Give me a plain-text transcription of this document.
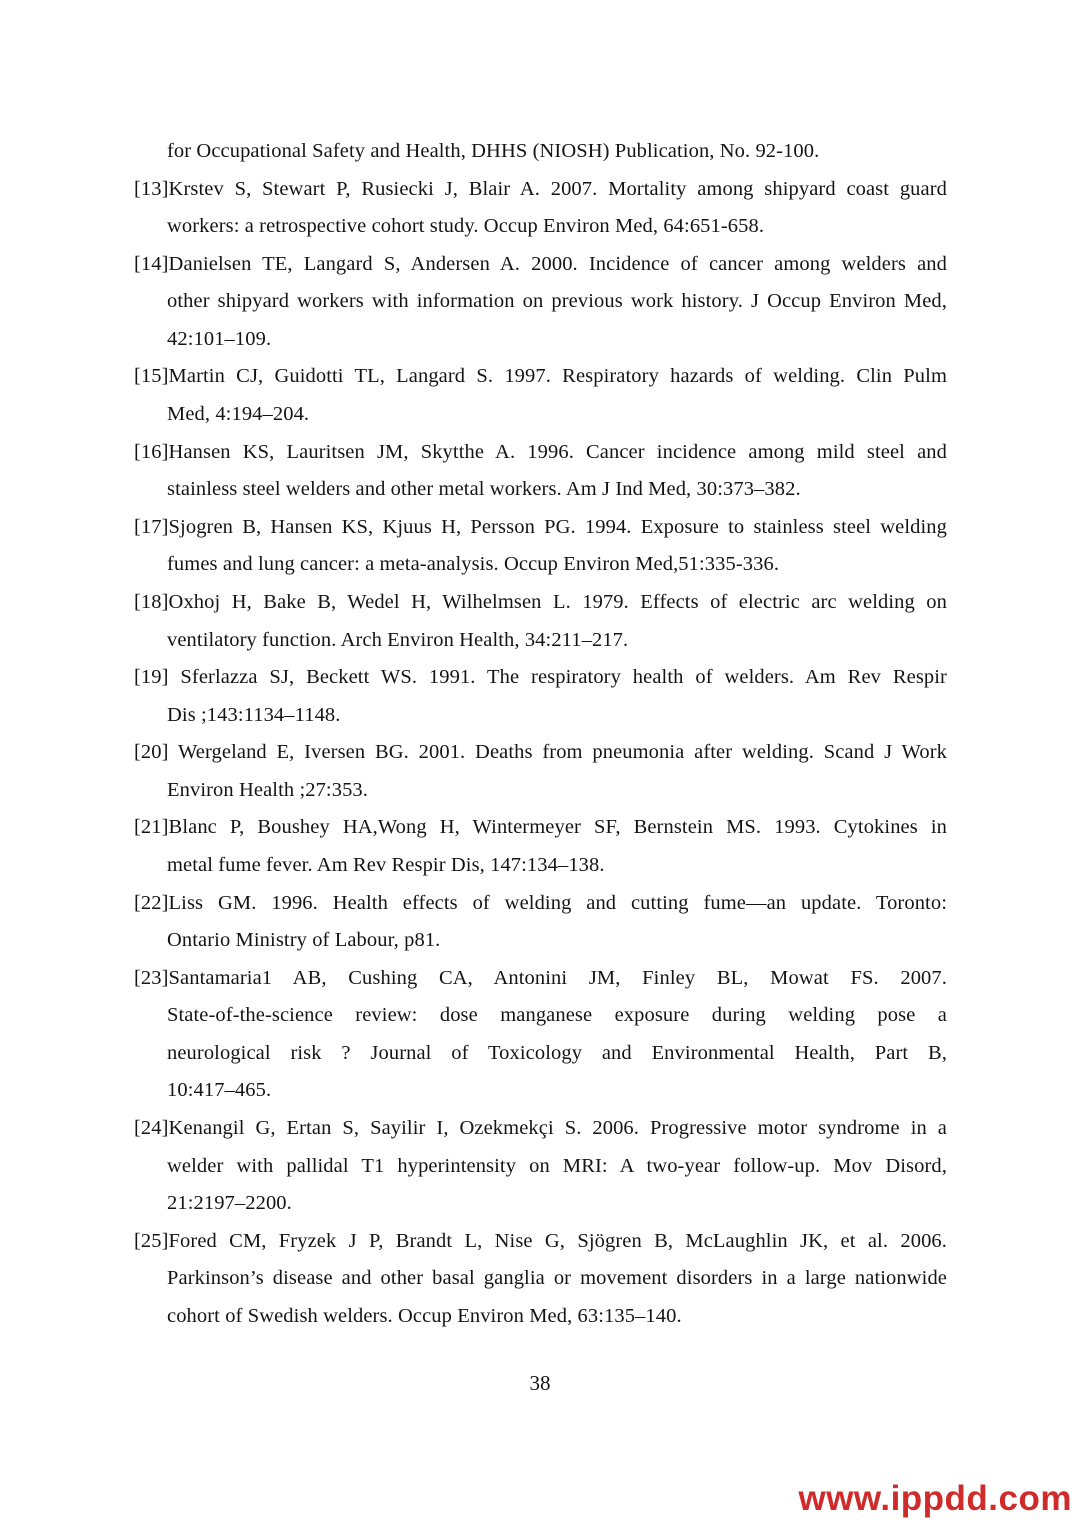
for Occupational Safety and Health, DHHS (NIOSH) Publication, No. 92-100.
[13]Krstev S, Stewart P, Rusiecki J, Blair A. 2007. Mortality among shipyard coast guard
workers: a retrospective cohort study. Occup Environ Med, 64:651-658.
[14]Danielsen TE, Langard S, Andersen A. 2000. Incidence of cancer among welders and
other shipyard workers with information on previous work history. J Occup Environ Med,
42:101–109.
[15]Martin CJ, Guidotti TL, Langard S. 1997. Respiratory hazards of welding. Clin Pulm
Med, 4:194–204.
[16]Hansen KS, Lauritsen JM, Skytthe A. 1996. Cancer incidence among mild steel and
stainless steel welders and other metal workers. Am J Ind Med, 30:373–382.
[17]Sjogren B, Hansen KS, Kjuus H, Persson PG. 1994. Exposure to stainless steel welding
fumes and lung cancer: a meta-analysis. Occup Environ Med,51:335-336.
[18]Oxhoj H, Bake B, Wedel H, Wilhelmsen L. 1979. Effects of electric arc welding on
ventilatory function. Arch Environ Health, 34:211–217.
[19] Sferlazza SJ, Beckett WS. 1991. The respiratory health of welders. Am Rev Respir
Dis ;143:1134–1148.
[20] Wergeland E, Iversen BG. 2001. Deaths from pneumonia after welding. Scand J Work
Environ Health ;27:353.
[21]Blanc P, Boushey HA,Wong H, Wintermeyer SF, Bernstein MS. 1993. Cytokines in
metal fume fever. Am Rev Respir Dis, 147:134–138.
[22]Liss GM. 1996. Health effects of welding and cutting fume—an update. Toronto:
Ontario Ministry of Labour, p81.
[23]Santamaria1 AB, Cushing CA, Antonini JM, Finley BL, Mowat FS. 2007.
State-of-the-science review: dose manganese exposure during welding pose a
neurological risk ? Journal of Toxicology and Environmental Health, Part B,
10:417–465.
[24]Kenangil G, Ertan S, Sayilir I, Ozekmekçi S. 2006. Progressive motor syndrome in a
welder with pallidal T1 hyperintensity on MRI: A two-year follow-up. Mov Disord,
21:2197–2200.
[25]Fored CM, Fryzek J P, Brandt L, Nise G, Sjögren B, McLaughlin JK, et al. 2006.
Parkinson’s disease and other basal ganglia or movement disorders in a large nationwide
cohort of Swedish welders. Occup Environ Med, 63:135–140.
38
www.ippdd.com
